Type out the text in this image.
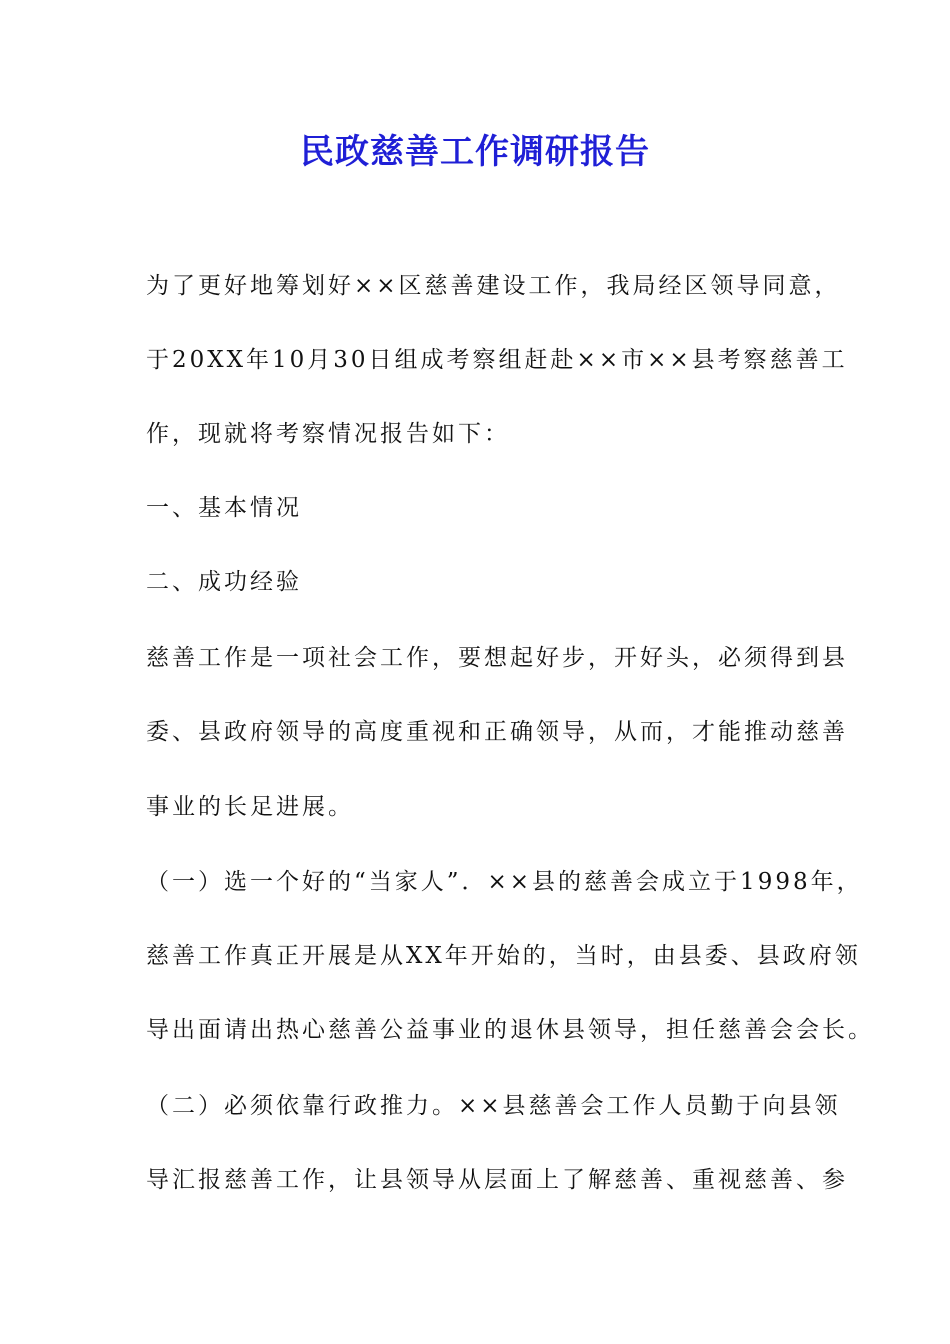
民政慈善工作调研报告
为了更好地筹划好××区慈善建设工作，我局经区领导同意，
于20XX年10月30日组成考察组赶赴××市××县考察慈善工
作，现就将考察情况报告如下：
一、基本情况
二、成功经验
慈善工作是一项社会工作，要想起好步，开好头，必须得到县
委、县政府领导的高度重视和正确领导，从而，才能推动慈善
事业的长足进展。
（一）选一个好的“当家人”．××县的慈善会成立于1998年，
慈善工作真正开展是从XX年开始的，当时，由县委、县政府领
导出面请出热心慈善公益事业的退休县领导，担任慈善会会长。
（二）必须依靠行政推力。××县慈善会工作人员勤于向县领
导汇报慈善工作，让县领导从层面上了解慈善、重视慈善、参
